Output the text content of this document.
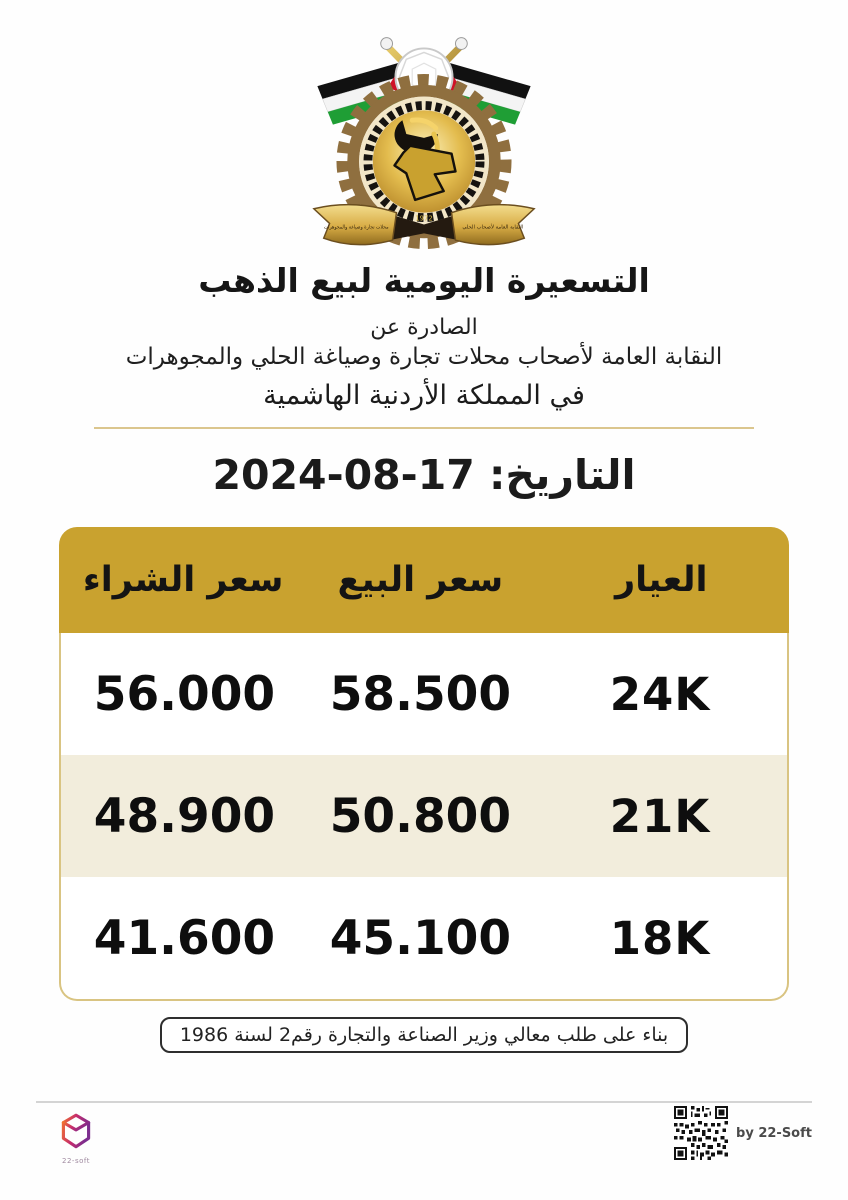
1972
النقابة العامة لأصحاب الحلي
محلات تجارة وصياغة والمجوهرات
التسعيرة اليومية لبيع الذهب
الصادرة عن
النقابة العامة لأصحاب محلات تجارة وصياغة الحلي والمجوهرات
في المملكة الأردنية الهاشمية
التاريخ: 17-08-2024
العيار
سعر البيع
سعر الشراء
24K
58.500
56.000
21K
50.800
48.900
18K
45.100
41.600
بناء على طلب معالي وزير الصناعة والتجارة رقم2 لسنة 1986
22-soft
by 22-Soft
